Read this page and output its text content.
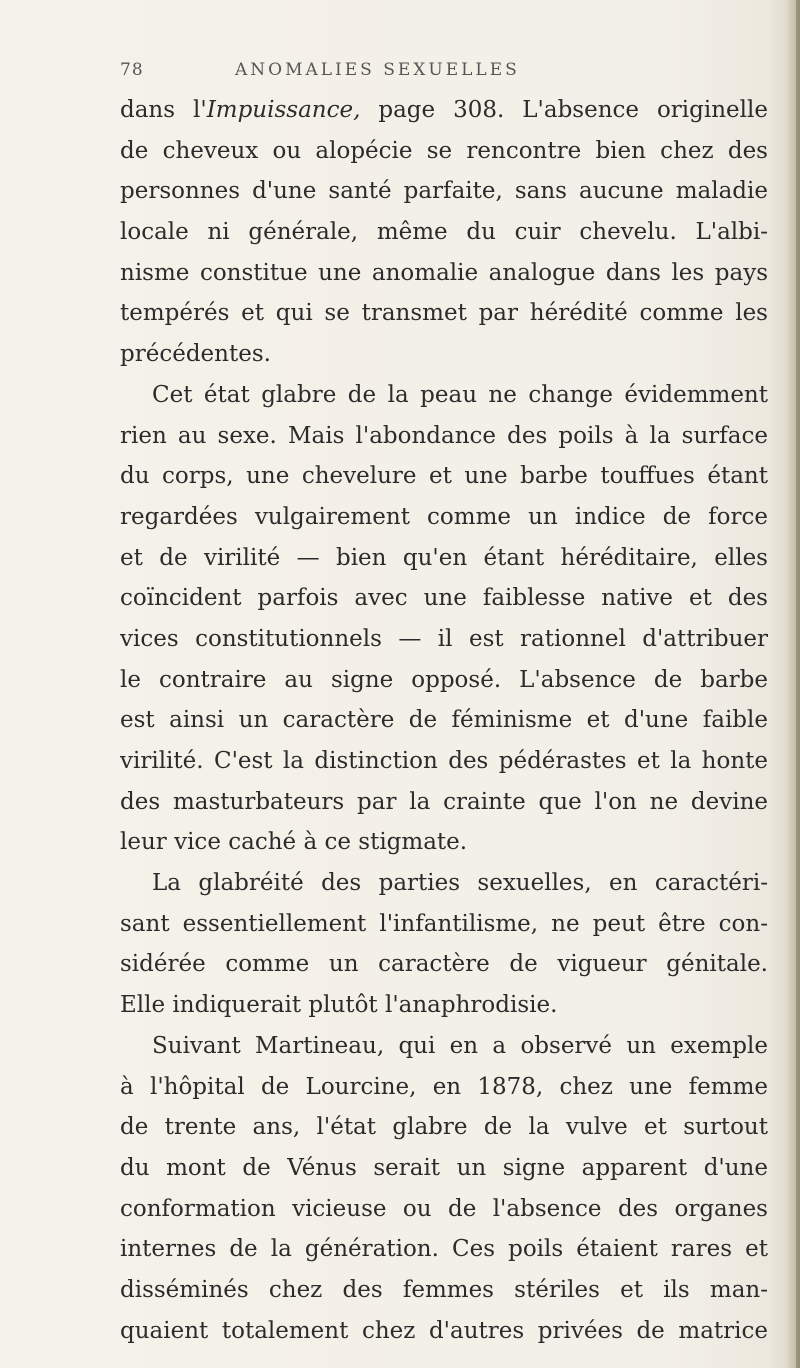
78	ANOMALIES SEXUELLES
dans l'Impuissance, page 308. L'absence originelle
de cheveux ou alopécie se rencontre bien chez des
personnes d'une santé parfaite, sans aucune maladie
locale ni générale, même du cuir chevelu. L'albi-
nisme constitue une anomalie analogue dans les pays
tempérés et qui se transmet par hérédité comme les
précédentes.
Cet état glabre de la peau ne change évidemment
rien au sexe. Mais l'abondance des poils à la surface
du corps, une chevelure et une barbe touffues étant
regardées vulgairement comme un indice de force
et de virilité — bien qu'en étant héréditaire, elles
coïncident parfois avec une faiblesse native et des
vices constitutionnels — il est rationnel d'attribuer
le contraire au signe opposé. L'absence de barbe
est ainsi un caractère de féminisme et d'une faible
virilité. C'est la distinction des pédérastes et la honte
des masturbateurs par la crainte que l'on ne devine
leur vice caché à ce stigmate.
La glabréité des parties sexuelles, en caractéri-
sant essentiellement l'infantilisme, ne peut être con-
sidérée comme un caractère de vigueur génitale.
Elle indiquerait plutôt l'anaphrodisie.
Suivant Martineau, qui en a observé un exemple
à l'hôpital de Lourcine, en 1878, chez une femme
de trente ans, l'état glabre de la vulve et surtout
du mont de Vénus serait un signe apparent d'une
conformation vicieuse ou de l'absence des organes
internes de la génération. Ces poils étaient rares et
disséminés chez des femmes stériles et ils man-
quaient totalement chez d'autres privées de matrice
